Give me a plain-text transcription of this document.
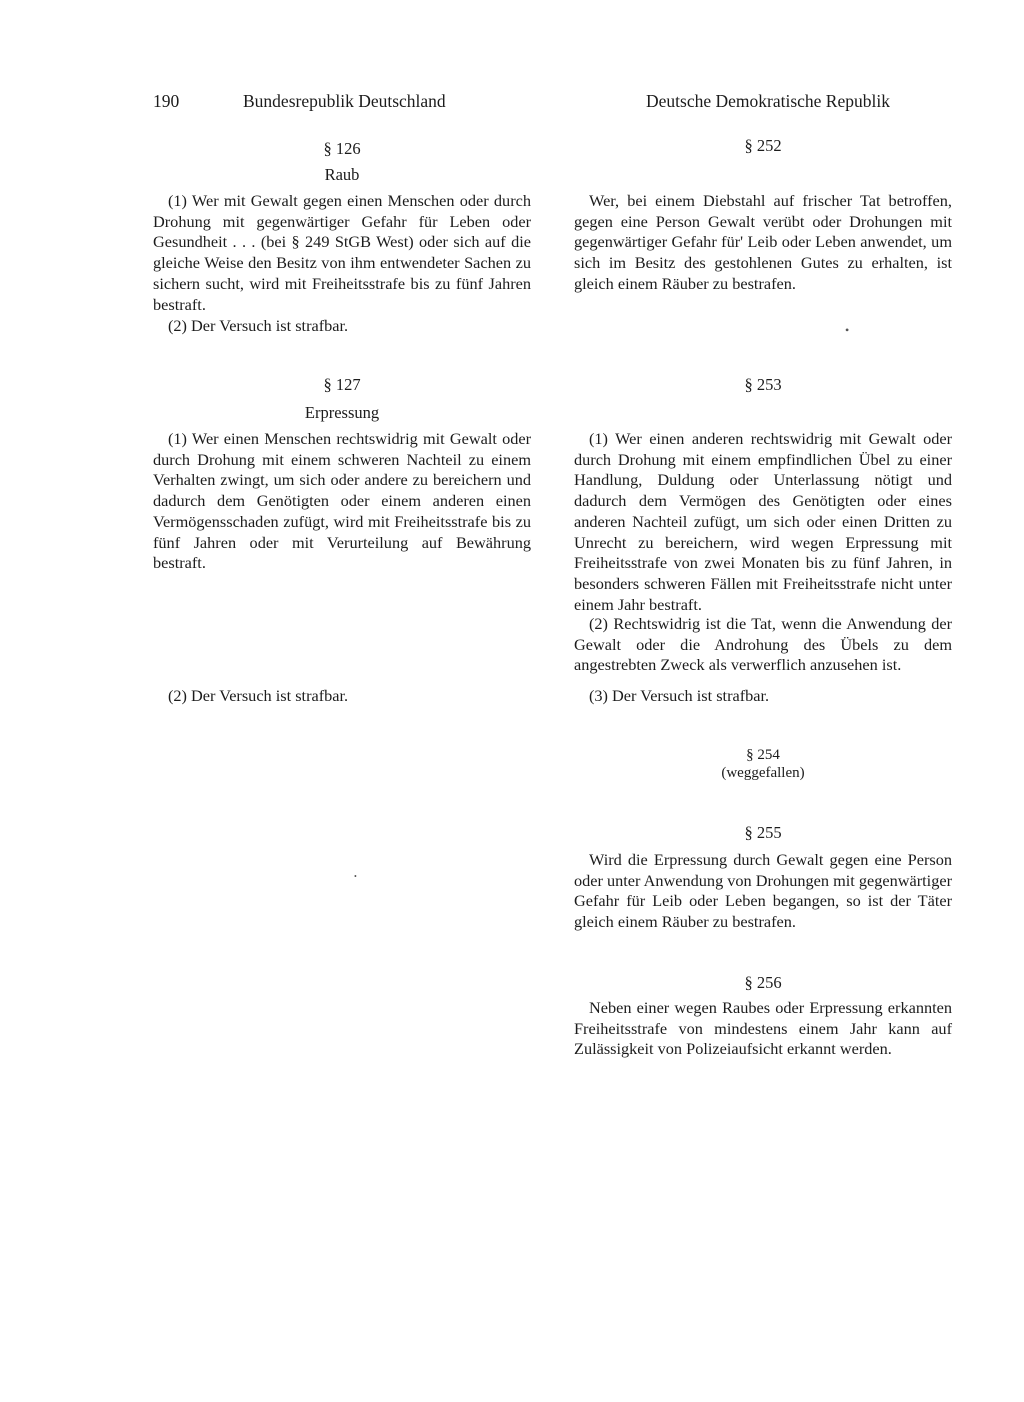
190	Bundesrepublik Deutschland	Deutsche Demokratische Republik
§ 126
Raub

(1) Wer mit Gewalt gegen einen Menschen oder durch Drohung mit gegenwärtiger Gefahr für Leben oder Gesundheit . . . (bei § 249 StGB West) oder sich auf die gleiche Weise den Besitz von ihm entwendeter Sachen zu sichern sucht, wird mit Freiheitsstrafe bis zu fünf Jahren bestraft.

(2) Der Versuch ist strafbar.

§ 127
Erpressung

(1) Wer einen Menschen rechtswidrig mit Gewalt oder durch Drohung mit einem schweren Nachteil zu einem Verhalten zwingt, um sich oder andere zu bereichern und dadurch dem Genötigten oder einem anderen einen Vermögensschaden zufügt, wird mit Freiheitsstrafe bis zu fünf Jahren oder mit Verurteilung auf Bewährung bestraft.

(2) Der Versuch ist strafbar.

§ 252

Wer, bei einem Diebstahl auf frischer Tat betroffen, gegen eine Person Gewalt verübt oder Drohungen mit gegenwärtiger Gefahr für' Leib oder Leben anwendet, um sich im Besitz des gestohlenen Gutes zu erhalten, ist gleich einem Räuber zu bestrafen.

§ 253

(1) Wer einen anderen rechtswidrig mit Gewalt oder durch Drohung mit einem empfindlichen Übel zu einer Handlung, Duldung oder Unterlassung nötigt und dadurch dem Vermögen des Genötigten oder eines anderen Nachteil zufügt, um sich oder einen Dritten zu Unrecht zu bereichern, wird wegen Erpressung mit Freiheitsstrafe von zwei Monaten bis zu fünf Jahren, in besonders schweren Fällen mit Freiheitsstrafe nicht unter einem Jahr bestraft.

(2) Rechtswidrig ist die Tat, wenn die Anwendung der Gewalt oder die Androhung des Übels zu dem angestrebten Zweck als verwerflich anzusehen ist.

(3) Der Versuch ist strafbar.

§ 254
(weggefallen)
§ 255

Wird die Erpressung durch Gewalt gegen eine Person oder unter Anwendung von Drohungen mit gegenwärtiger Gefahr für Leib oder Leben begangen, so ist der Täter gleich einem Räuber zu bestrafen.

§ 256

Neben einer wegen Raubes oder Erpressung erkannten Freiheitsstrafe von mindestens einem Jahr kann auf Zulässigkeit von Polizeiaufsicht erkannt werden.

•
•
